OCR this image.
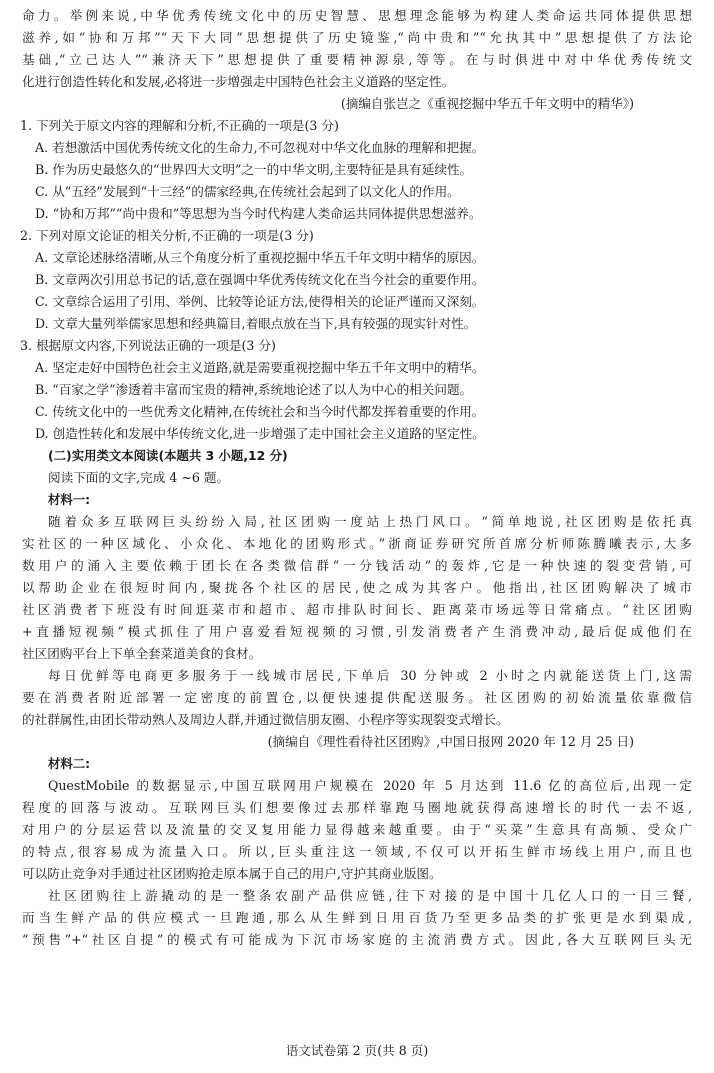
命力。举例来说,中华优秀传统文化中的历史智慧、思想理念能够为构建人类命运共同体提供思想
滋养,如“协和万邦”“天下大同”思想提供了历史镜鉴,“尚中贵和”“允执其中”思想提供了方法论
基础,“立己达人”“兼济天下”思想提供了重要精神源泉,等等。在与时俱进中对中华优秀传统文
化进行创造性转化和发展,必将进一步增强走中国特色社会主义道路的坚定性。
(摘编自张岂之《重视挖掘中华五千年文明中的精华》)
1. 下列关于原文内容的理解和分析,不正确的一项是(3 分)
A. 若想激活中国优秀传统文化的生命力,不可忽视对中华文化血脉的理解和把握。
B. 作为历史最悠久的“世界四大文明”之一的中华文明,主要特征是具有延续性。
C. 从“五经”发展到“十三经”的儒家经典,在传统社会起到了以文化人的作用。
D. “协和万邦”“尚中贵和”等思想为当今时代构建人类命运共同体提供思想滋养。
2. 下列对原文论证的相关分析,不正确的一项是(3 分)
A. 文章论述脉络清晰,从三个角度分析了重视挖掘中华五千年文明中精华的原因。
B. 文章两次引用总书记的话,意在强调中华优秀传统文化在当今社会的重要作用。
C. 文章综合运用了引用、举例、比较等论证方法,使得相关的论证严谨而又深刻。
D. 文章大量列举儒家思想和经典篇目,着眼点放在当下,具有较强的现实针对性。
3. 根据原文内容,下列说法正确的一项是(3 分)
A. 坚定走好中国特色社会主义道路,就是需要重视挖掘中华五千年文明中的精华。
B. “百家之学”渗透着丰富而宝贵的精神,系统地论述了以人为中心的相关问题。
C. 传统文化中的一些优秀文化精神,在传统社会和当今时代都发挥着重要的作用。
D. 创造性转化和发展中华传统文化,进一步增强了走中国社会主义道路的坚定性。
(二)实用类文本阅读(本题共 3 小题,12 分)
阅读下面的文字,完成 4 ~6 题。
材料一:
随着众多互联网巨头纷纷入局,社区团购一度站上热门风口。“简单地说,社区团购是依托真
实社区的一种区域化、小众化、本地化的团购形式。”浙商证券研究所首席分析师陈腾曦表示,大多
数用户的涌入主要依赖于团长在各类微信群“一分钱活动”的轰炸,它是一种快速的裂变营销,可
以帮助企业在很短时间内,聚拢各个社区的居民,使之成为其客户。他指出,社区团购解决了城市
社区消费者下班没有时间逛菜市和超市、超市排队时间长、距离菜市场远等日常痛点。“社区团购
+直播短视频”模式抓住了用户喜爱看短视频的习惯,引发消费者产生消费冲动,最后促成他们在
社区团购平台上下单全套菜道美食的食材。
每日优鲜等电商更多服务于一线城市居民,下单后 30 分钟或 2 小时之内就能送货上门,这需
要在消费者附近部署一定密度的前置仓,以便快速提供配送服务。社区团购的初始流量依靠微信
的社群属性,由团长带动熟人及周边人群,并通过微信朋友圈、小程序等实现裂变式增长。
(摘编自《理性看待社区团购》,中国日报网 2020 年 12 月 25 日)
材料二:
QuestMobile 的数据显示,中国互联网用户规模在 2020 年 5 月达到 11.6 亿的高位后,出现一定
程度的回落与波动。互联网巨头们想要像过去那样靠跑马圈地就获得高速增长的时代一去不返,
对用户的分层运营以及流量的交叉复用能力显得越来越重要。由于“买菜”生意具有高频、受众广
的特点,很容易成为流量入口。所以,巨头重注这一领域,不仅可以开拓生鲜市场线上用户,而且也
可以防止竞争对手通过社区团购抢走原本属于自己的用户,守护其商业版图。
社区团购往上游撬动的是一整条农副产品供应链,往下对接的是中国十几亿人口的一日三餐,
而当生鲜产品的供应模式一旦跑通,那么从生鲜到日用百货乃至更多品类的扩张更是水到渠成,
“预售”+“社区自提”的模式有可能成为下沉市场家庭的主流消费方式。因此,各大互联网巨头无
语文试卷第 2 页(共 8 页)
